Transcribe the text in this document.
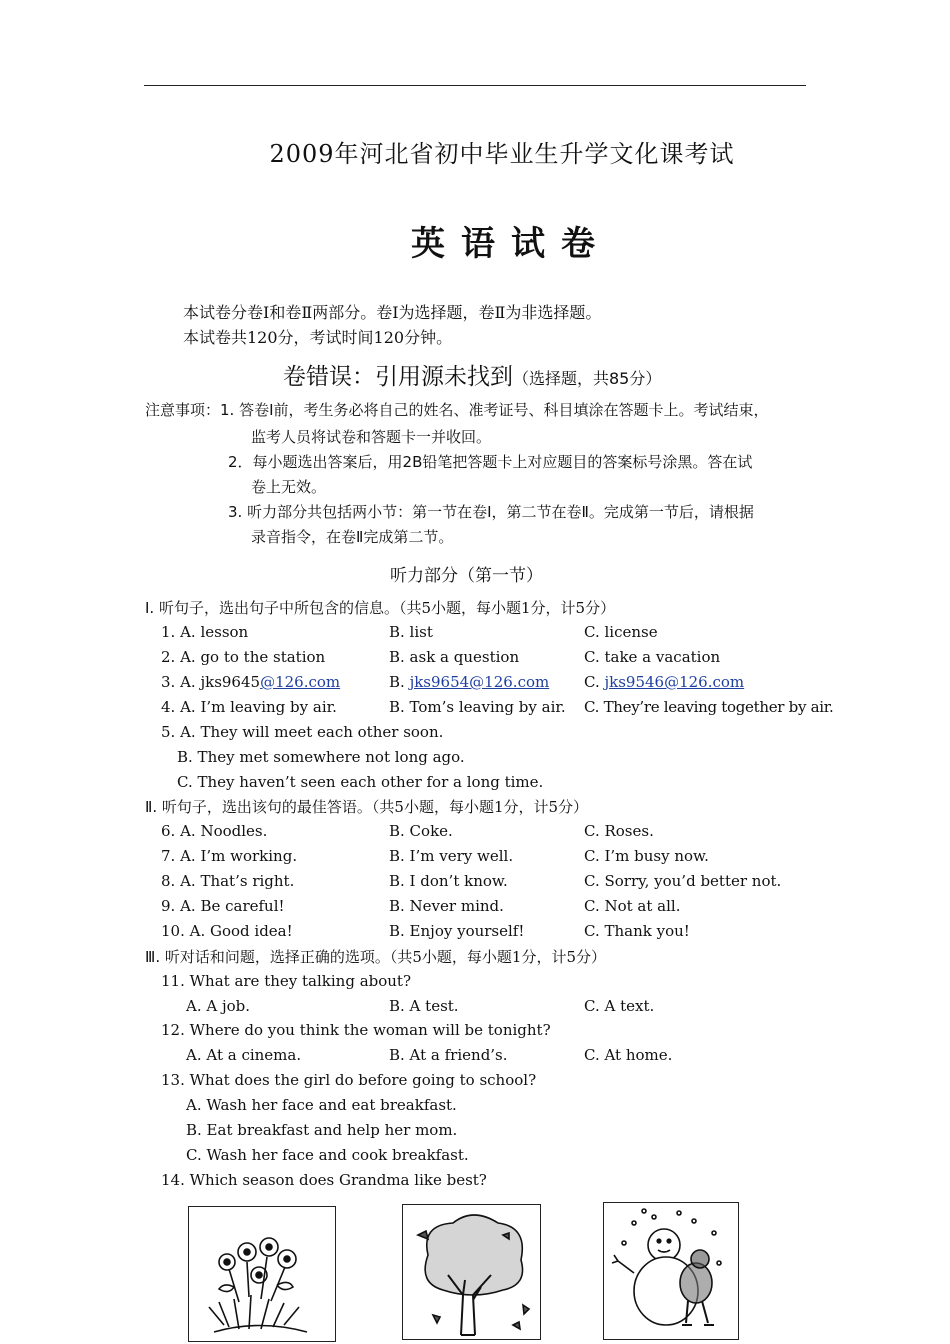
2009年河北省初中毕业生升学文化课考试
英语试卷
本试卷分卷Ⅰ和卷Ⅱ两部分。卷Ⅰ为选择题，卷Ⅱ为非选择题。
本试卷共120分，考试时间120分钟。
卷错误：引用源未找到（选择题，共85分）
注意事项：1. 答卷Ⅰ前，考生务必将自己的姓名、准考证号、科目填涂在答题卡上。考试结束，
监考人员将试卷和答题卡一并收回。
2．每小题选出答案后，用2B铅笔把答题卡上对应题目的答案标号涂黑。答在试
卷上无效。
3. 听力部分共包括两小节：第一节在卷Ⅰ，第二节在卷Ⅱ。完成第一节后，请根据
录音指令，在卷Ⅱ完成第二节。
听力部分（第一节）
Ⅰ. 听句子，选出句子中所包含的信息。（共5小题，每小题1分，计5分）
1. A. lesson	B. list	C. license
2. A. go to the station	B. ask a question	C. take a vacation
3. A. jks9645@126.com	B. jks9654@126.com C. jks9546@126.com
4. A. I’m leaving by air.	B. Tom’s leaving by air. C. They’re leaving together by air.
5. A. They will meet each other soon.
B. They met somewhere not long ago.
C. They haven’t seen each other for a long time.
Ⅱ. 听句子，选出该句的最佳答语。（共5小题，每小题1分，计5分）
6. A. Noodles.	B. Coke.	C. Roses.
7. A. I’m working.	B. I’m very well.	C. I’m busy now.
8. A. That’s right.	B. I don’t know.	C. Sorry, you’d better not.
9. A. Be careful!	B. Never mind.	C. Not at all.
10. A. Good idea!	B. Enjoy yourself!	C. Thank you!
Ⅲ. 听对话和问题，选择正确的选项。（共5小题，每小题1分，计5分）
11. What are they talking about?
A. A job.	B. A test.	C. A text.
12. Where do you think the woman will be tonight?
A. At a cinema.	B. At a friend’s.	C. At home.
13. What does the girl do before going to school?
A. Wash her face and eat breakfast.
B. Eat breakfast and help her mom.
C. Wash her face and cook breakfast.
14. Which season does Grandma like best?
